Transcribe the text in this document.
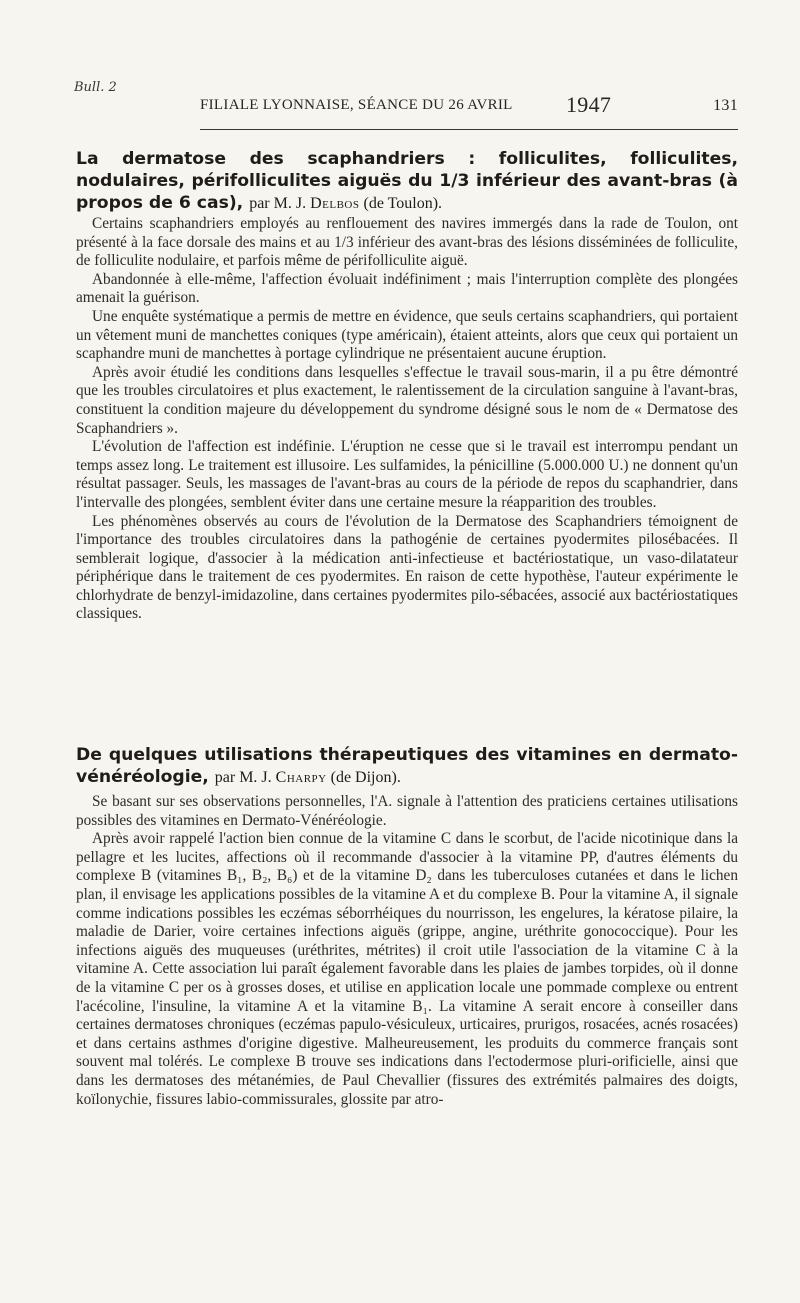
Bull. 2
FILIALE LYONNAISE, SÉANCE DU 26 AVRIL 1947	131
La dermatose des scaphandriers : folliculites, folliculites, nodulaires, périfolliculites aiguës du 1/3 inférieur des avant-bras (à propos de 6 cas), par M. J. Delbos (de Toulon).

Certains scaphandriers employés au renflouement des navires immergés dans la rade de Toulon, ont présenté à la face dorsale des mains et au 1/3 inférieur des avant-bras des lésions disséminées de folliculite, de folliculite nodulaire, et parfois même de périfolliculite aiguë.

Abandonnée à elle-même, l'affection évoluait indéfiniment ; mais l'interruption complète des plongées amenait la guérison.

Une enquête systématique a permis de mettre en évidence, que seuls certains scaphandriers, qui portaient un vêtement muni de manchettes coniques (type américain), étaient atteints, alors que ceux qui portaient un scaphandre muni de manchettes à portage cylindrique ne présentaient aucune éruption.

Après avoir étudié les conditions dans lesquelles s'effectue le travail sous-marin, il a pu être démontré que les troubles circulatoires et plus exactement, le ralentissement de la circulation sanguine à l'avant-bras, constituent la condition majeure du développement du syndrome désigné sous le nom de « Dermatose des Scaphandriers ».

L'évolution de l'affection est indéfinie. L'éruption ne cesse que si le travail est interrompu pendant un temps assez long. Le traitement est illusoire. Les sulfamides, la pénicilline (5.000.000 U.) ne donnent qu'un résultat passager. Seuls, les massages de l'avant-bras au cours de la période de repos du scaphandrier, dans l'intervalle des plongées, semblent éviter dans une certaine mesure la réapparition des troubles.

Les phénomènes observés au cours de l'évolution de la Dermatose des Scaphandriers témoignent de l'importance des troubles circulatoires dans la pathogénie de certaines pyodermites pilosébacées. Il semblerait logique, d'associer à la médication anti-infectieuse et bactériostatique, un vaso-dilatateur périphérique dans le traitement de ces pyodermites. En raison de cette hypothèse, l'auteur expérimente le chlorhydrate de benzyl-imidazoline, dans certaines pyodermites pilo-sébacées, associé aux bactériostatiques classiques.

De quelques utilisations thérapeutiques des vitamines en dermato-vénéréologie, par M. J. Charpy (de Dijon).

Se basant sur ses observations personnelles, l'A. signale à l'attention des praticiens certaines utilisations possibles des vitamines en Dermato-Vénéréologie.

Après avoir rappelé l'action bien connue de la vitamine C dans le scorbut, de l'acide nicotinique dans la pellagre et les lucites, affections où il recommande d'associer à la vitamine PP, d'autres éléments du complexe B (vitamines B₁, B₂, B₆) et de la vitamine D₂ dans les tuberculoses cutanées et dans le lichen plan, il envisage les applications possibles de la vitamine A et du complexe B. Pour la vitamine A, il signale comme indications possibles les eczémas séborrhéiques du nourrisson, les engelures, la kératose pilaire, la maladie de Darier, voire certaines infections aiguës (grippe, angine, uréthrite gonococcique). Pour les infections aiguës des muqueuses (uréthrites, métrites) il croit utile l'association de la vitamine C à la vitamine A. Cette association lui paraît également favorable dans les plaies de jambes torpides, où il donne de la vitamine C per os à grosses doses, et utilise en application locale une pommade complexe ou entrent l'acécoline, l'insuline, la vitamine A et la vitamine B₁. La vitamine A serait encore à conseiller dans certaines dermatoses chroniques (eczémas papulo-vésiculeux, urticaires, prurigos, rosacées, acnés rosacées) et dans certains asthmes d'origine digestive. Malheureusement, les produits du commerce français sont souvent mal tolérés. Le complexe B trouve ses indications dans l'ectodermose pluri-orificielle, ainsi que dans les dermatoses des métanémies, de Paul Chevallier (fissures des extrémités palmaires des doigts, koïlonychie, fissures labio-commissurales, glossite par atro-
